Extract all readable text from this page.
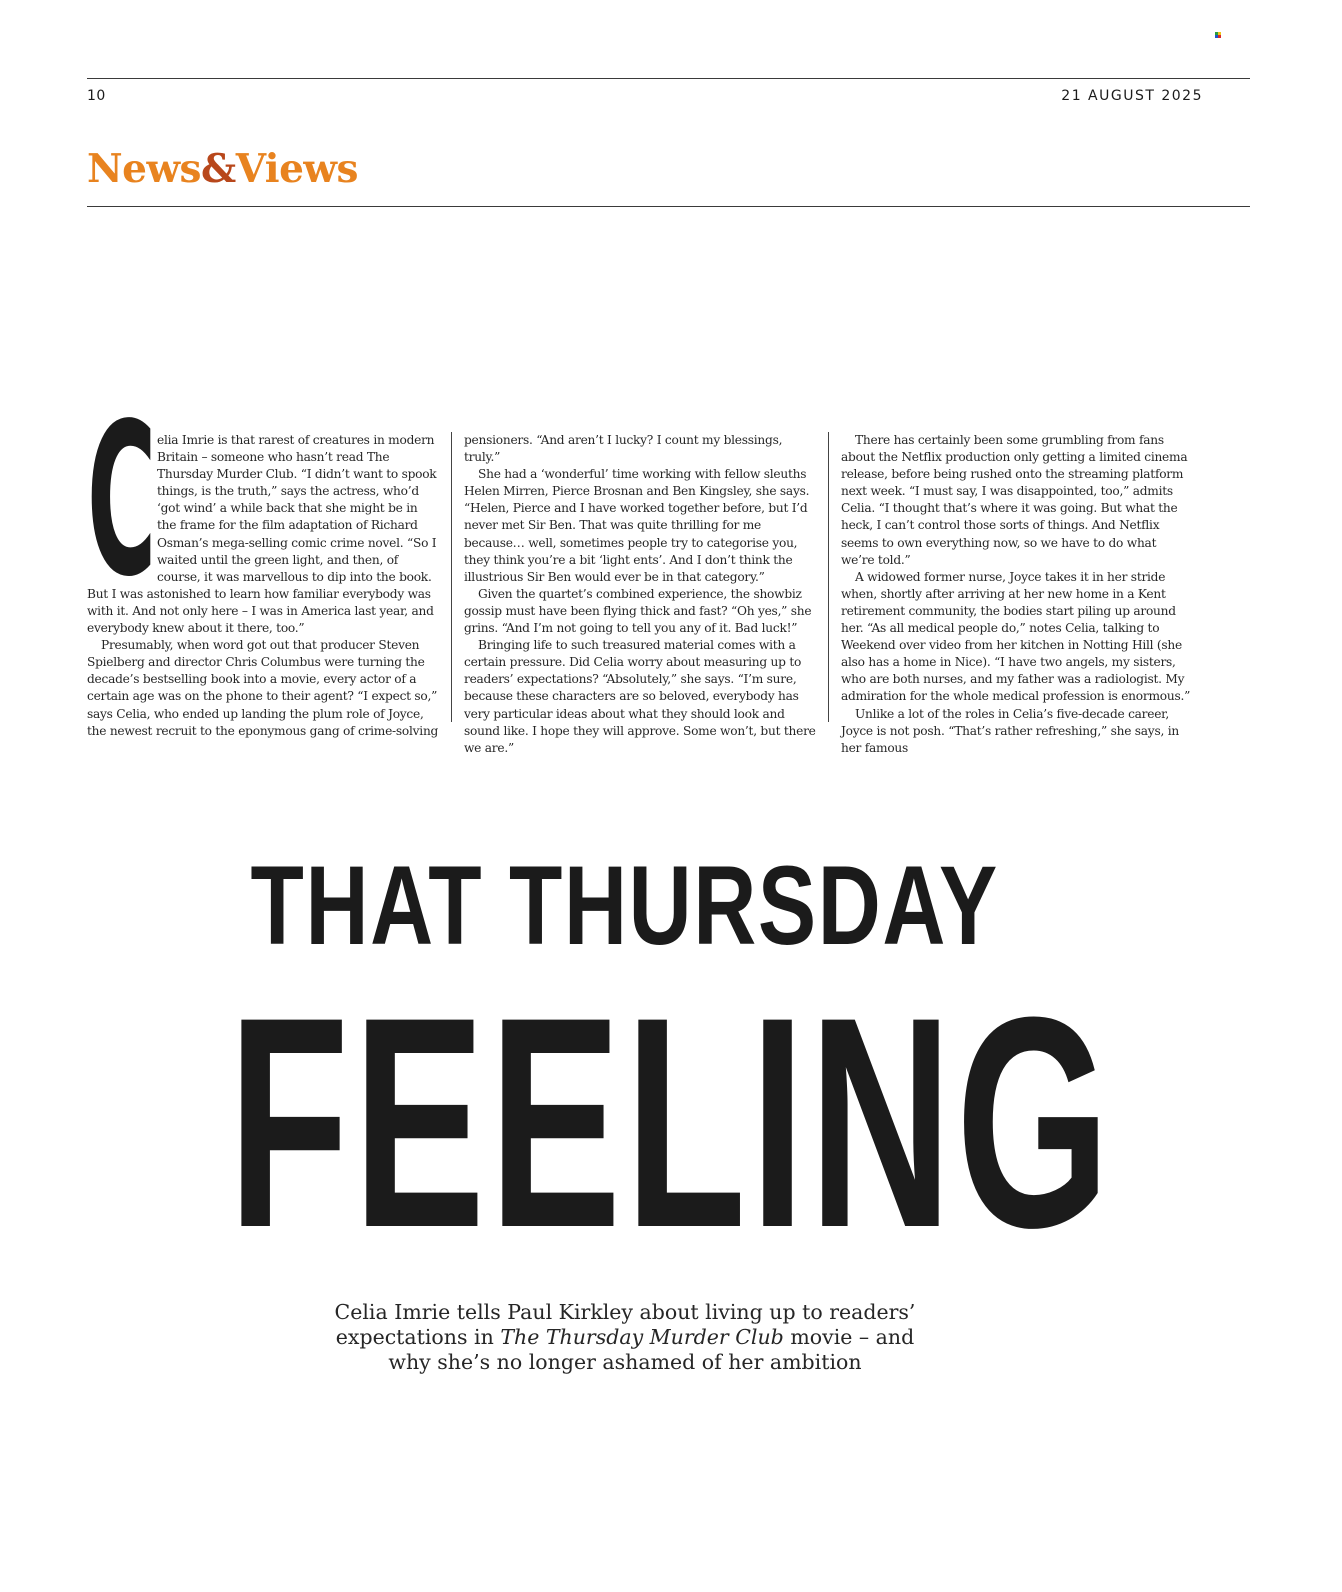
10	21 AUGUST 2025
News&Views
C elia Imrie is that rarest of creatures in modern Britain – someone who hasn’t read The Thursday Murder Club. “I didn’t want to spook things, is the truth,” says the actress, who’d ‘got wind’ a while back that she might be in the frame for the film adaptation of Richard Osman’s mega-selling comic crime novel. “So I waited until the green light, and then, of course, it was marvellous to dip into the book. But I was astonished to learn how familiar everybody was with it. And not only here – I was in America last year, and everybody knew about it there, too.”

Presumably, when word got out that producer Steven Spielberg and director Chris Columbus were turning the decade’s bestselling book into a movie, every actor of a certain age was on the phone to their agent? “I expect so,” says Celia, who ended up landing the plum role of Joyce, the newest recruit to the eponymous gang of crime-solving

pensioners. “And aren’t I lucky? I count my blessings, truly.”

She had a ‘wonderful’ time working with fellow sleuths Helen Mirren, Pierce Brosnan and Ben Kingsley, she says. “Helen, Pierce and I have worked together before, but I’d never met Sir Ben. That was quite thrilling for me because… well, sometimes people try to categorise you, they think you’re a bit ‘light ents’. And I don’t think the illustrious Sir Ben would ever be in that category.”

Given the quartet’s combined experience, the showbiz gossip must have been flying thick and fast? “Oh yes,” she grins. “And I’m not going to tell you any of it. Bad luck!”

Bringing life to such treasured material comes with a certain pressure. Did Celia worry about measuring up to readers’ expectations? “Absolutely,” she says. “I’m sure, because these characters are so beloved, everybody has very particular ideas about what they should look and sound like. I hope they will approve. Some won’t, but there we are.”

There has certainly been some grumbling from fans about the Netflix production only getting a limited cinema release, before being rushed onto the streaming platform next week. “I must say, I was disappointed, too,” admits Celia. “I thought that’s where it was going. But what the heck, I can’t control those sorts of things. And Netflix seems to own everything now, so we have to do what we’re told.”

A widowed former nurse, Joyce takes it in her stride when, shortly after arriving at her new home in a Kent retirement community, the bodies start piling up around her. “As all medical people do,” notes Celia, talking to Weekend over video from her kitchen in Notting Hill (she also has a home in Nice). “I have two angels, my sisters, who are both nurses, and my father was a radiologist. My admiration for the whole medical profession is enormous.”

Unlike a lot of the roles in Celia’s five-decade career, Joyce is not posh. “That’s rather refreshing,” she says, in her famous

THAT THURSDAY
FEELING
Celia Imrie tells Paul Kirkley about living up to readers’ expectations in The Thursday Murder Club movie – and why she’s no longer ashamed of her ambition
